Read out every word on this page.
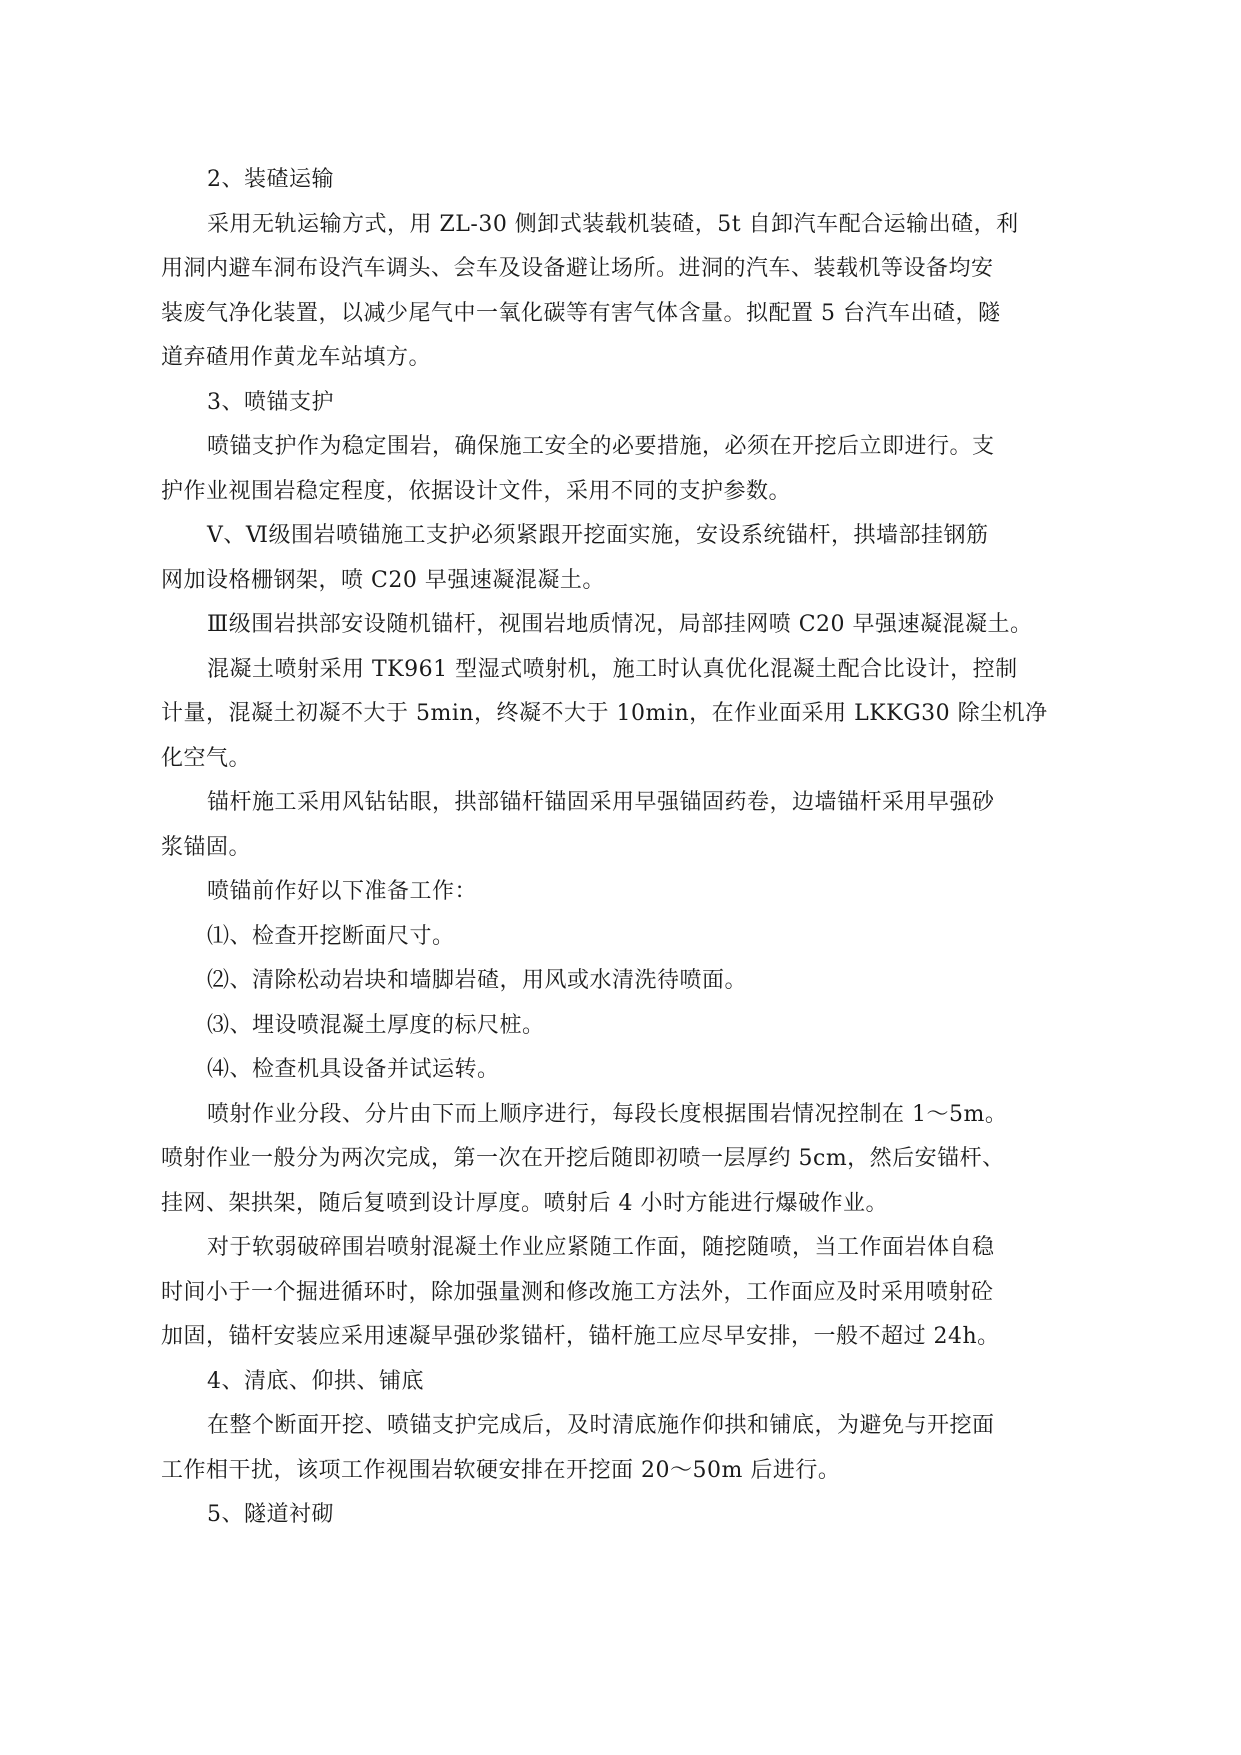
2、装碴运输
采用无轨运输方式，用 ZL-30 侧卸式装载机装碴，5t 自卸汽车配合运输出碴，利
用洞内避车洞布设汽车调头、会车及设备避让场所。进洞的汽车、装载机等设备均安
装废气净化装置，以减少尾气中一氧化碳等有害气体含量。拟配置 5 台汽车出碴，隧
道弃碴用作黄龙车站填方。
3、喷锚支护
喷锚支护作为稳定围岩，确保施工安全的必要措施，必须在开挖后立即进行。支
护作业视围岩稳定程度，依据设计文件，采用不同的支护参数。
Ⅴ、Ⅵ级围岩喷锚施工支护必须紧跟开挖面实施，安设系统锚杆，拱墙部挂钢筋
网加设格栅钢架，喷 C20 早强速凝混凝土。
Ⅲ级围岩拱部安设随机锚杆，视围岩地质情况，局部挂网喷 C20 早强速凝混凝土。
混凝土喷射采用 TK961 型湿式喷射机，施工时认真优化混凝土配合比设计，控制
计量，混凝土初凝不大于 5min，终凝不大于 10min，在作业面采用 LKKG30 除尘机净
化空气。
锚杆施工采用风钻钻眼，拱部锚杆锚固采用早强锚固药卷，边墙锚杆采用早强砂
浆锚固。
喷锚前作好以下准备工作：
⑴、检查开挖断面尺寸。
⑵、清除松动岩块和墙脚岩碴，用风或水清洗待喷面。
⑶、埋设喷混凝土厚度的标尺桩。
⑷、检查机具设备并试运转。
喷射作业分段、分片由下而上顺序进行，每段长度根据围岩情况控制在 1～5m。
喷射作业一般分为两次完成，第一次在开挖后随即初喷一层厚约 5cm，然后安锚杆、
挂网、架拱架，随后复喷到设计厚度。喷射后 4 小时方能进行爆破作业。
对于软弱破碎围岩喷射混凝土作业应紧随工作面，随挖随喷，当工作面岩体自稳
时间小于一个掘进循环时，除加强量测和修改施工方法外，工作面应及时采用喷射砼
加固，锚杆安装应采用速凝早强砂浆锚杆，锚杆施工应尽早安排，一般不超过 24h。
4、清底、仰拱、铺底
在整个断面开挖、喷锚支护完成后，及时清底施作仰拱和铺底，为避免与开挖面
工作相干扰，该项工作视围岩软硬安排在开挖面 20～50m 后进行。
5、隧道衬砌
